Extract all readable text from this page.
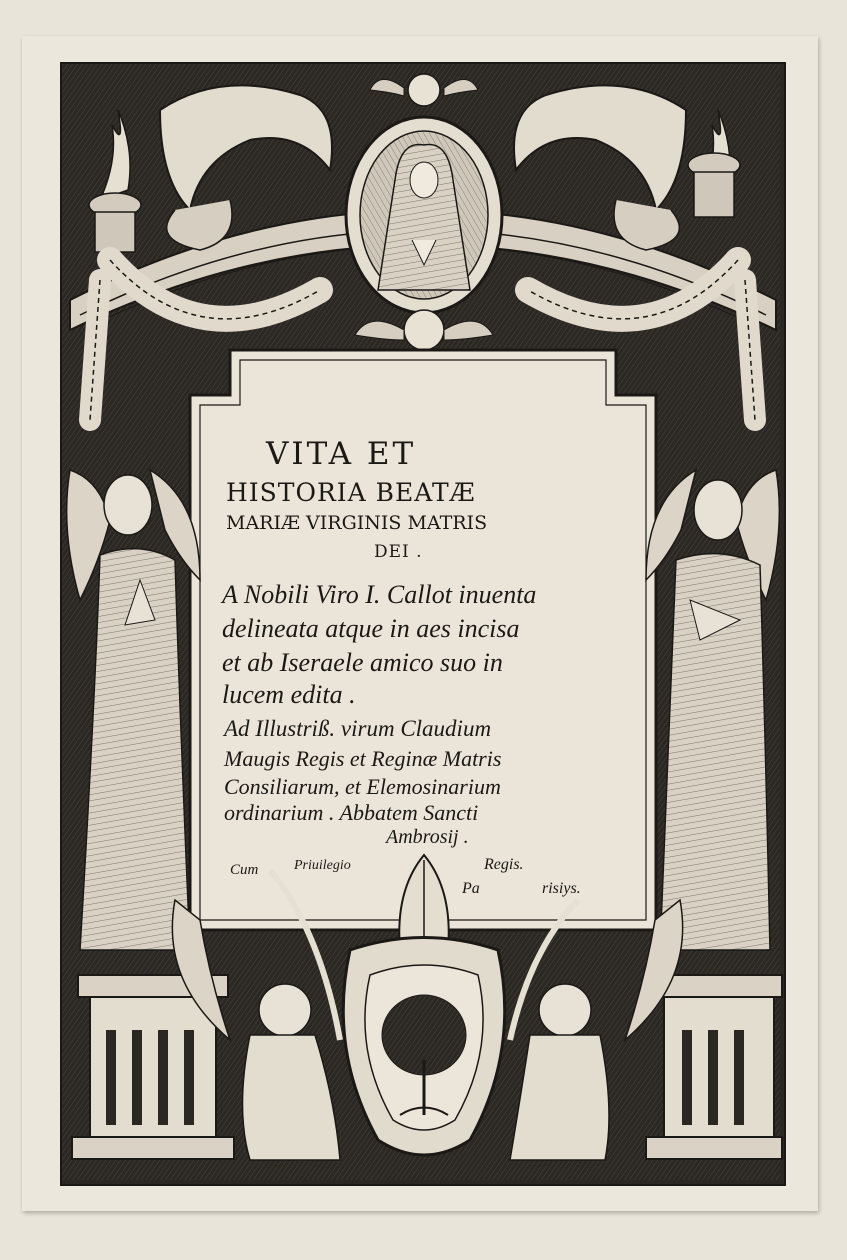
VITA ET
HISTORIA BEATÆ
MARIÆ VIRGINIS MATRIS
DEI .
A Nobili Viro I. Callot inuenta
delineata atque in aes incisa
et ab Iseraele amico suo in
lucem edita .
Ad Illustriß. virum Claudium
Maugis Regis et Reginæ Matris
Consiliarum, et Elemosinarium
ordinarium . Abbatem Sancti
Ambrosij .
Cum	Priuilegio	Regis.
Pa	risiys.
